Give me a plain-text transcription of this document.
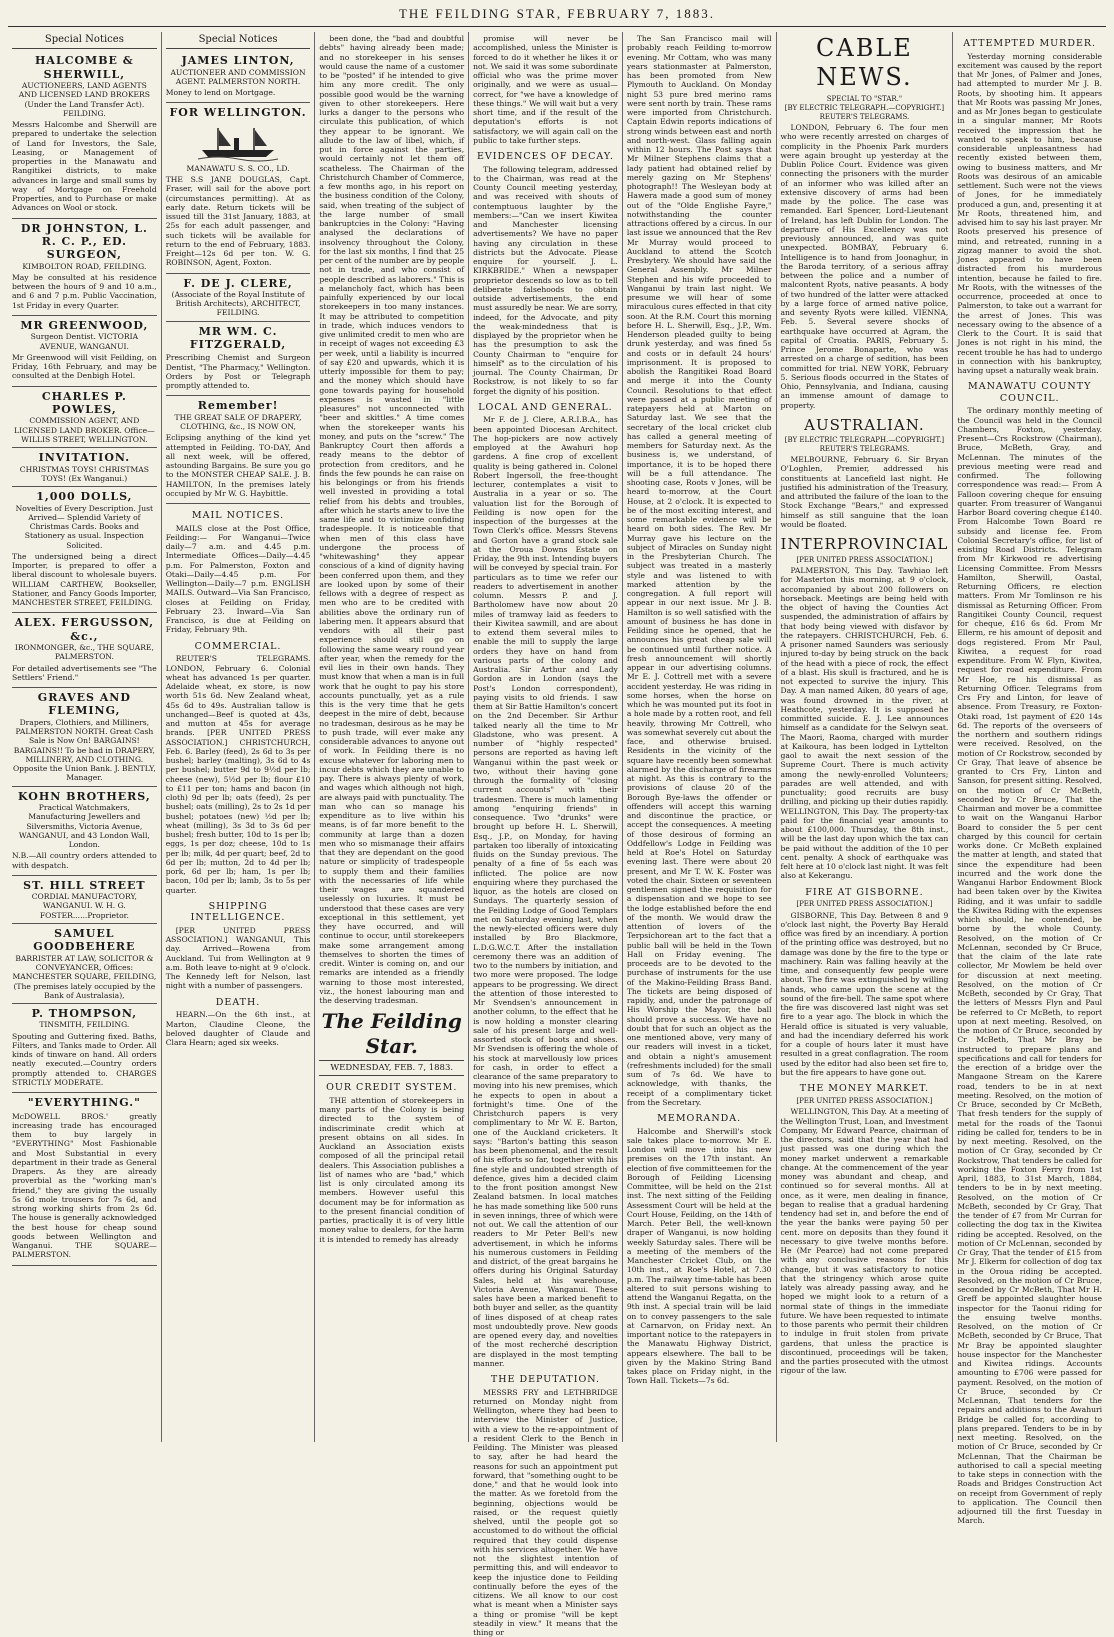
THE FEILDING STAR, FEBRUARY 7, 1883.
Special Notices
HALCOMBE & SHERWILL,
AUCTIONEERS, LAND AGENTS AND LICENSED LAND BROKERS (Under the Land Transfer Act). FEILDING.

Messrs Halcombe and Sherwill are prepared to undertake the selection of Land for Investors, the Sale, Leasing, or Management of properties in the Manawatu and Rangitikei districts, to make advances in large and small sums by way of Mortgage on Freehold Properties, and to Purchase or make Advances on Wool or stock.

DR JOHNSTON, L. R. C. P., ED. SURGEON,
KIMBOLTON ROAD, FEILDING.

May be consulted at his residence between the hours of 9 and 10 a.m., and 6 and 7 p.m. Public Vaccination, 1st Friday in every Quarter.

MR GREENWOOD,
Surgeon Dentist. VICTORIA AVENUE, WANGANUI.

Mr Greenwood will visit Feilding, on Friday, 16th February, and may be consulted at the Denbigh Hotel.

CHARLES P. POWLES,
COMMISSION AGENT, AND LICENSED LAND BROKER. Office—WILLIS STREET, WELLINGTON.
INVITATION.
CHRISTMAS TOYS! CHRISTMAS TOYS! (Ex Wanganui.)
1,000 DOLLS,
Novelties of Every Description. Just Arrived— Splendid Variety of Christmas Cards. Books and Stationery as usual. Inspection Solicited.

The undersigned being a direct Importer, is prepared to offer a liberal discount to wholesale buyers. WILLIAM CARTHEW, Bookseller, Stationer, and Fancy Goods Importer, MANCHESTER STREET, FEILDING.

ALEX. FERGUSSON, &c.,
IRONMONGER, &c., THE SQUARE, PALMERSTON.

For detailed advertisements see "The Settlers' Friend."

GRAVES AND FLEMING,
Drapers, Clothiers, and Milliners, PALMERSTON NORTH. Great Cash Sale is Now On! BARGAINS! BARGAINS!! To be had in DRAPERY, MILLINERY, AND CLOTHING. Opposite the Union Bank. J. BENTLY, Manager.
KOHN BROTHERS,
Practical Watchmakers, Manufacturing Jewellers and Silversmiths, Victoria Avenue, WANGANUI, and 43 London Wall, London.

N.B.—All country orders attended to with despatch.

ST. HILL STREET
CORDIAL MANUFACTORY, WANGANUI. W. H. G. FOSTER......Proprietor.
SAMUEL GOODBEHERE
BARRISTER AT LAW, SOLICITOR & CONVEYANCER, Offices: MANCHESTER SQUARE, FEILDING, (The premises lately occupied by the Bank of Australasia),
P. THOMPSON,
TINSMITH, FEILDING.

Spouting and Guttering fixed. Baths, Filters, and Tanks made to Order. All kinds of tinware on hand. All orders neatly executed.—Country orders promptly attended to. CHARGES STRICTLY MODERATE.

"EVERYTHING."

McDOWELL BROS.' greatly increasing trade has encouraged them to buy largely in "EVERYTHING" Most Fashionable and Most Substantial in every department in their trade as General Drapers. As they are already proverbial as the "working man's friend," they are giving the usually 5s 6d mole trousers for 7s 6d, and strong working shirts from 2s 6d. The house is generally acknowledged the best house for cheap sound goods between Wellington and Wanganui. THE SQUARE—PALMERSTON.

Special Notices
JAMES LINTON,
AUCTIONEER AND COMMISSION AGENT. PALMERSTON NORTH.

Money to lend on Mortgage.

FOR WELLINGTON.
MANAWATU S. S. CO., LD.

THE S.S JANE DOUGLAS, Capt. Fraser, will sail for the above port (circumstances permitting). At as early date. Return tickets will be issued till the 31st January, 1883, at 25s for each adult passenger, and such tickets will be available for return to the end of February, 1883. Freight—12s 6d per ton. W. G. ROBINSON, Agent, Foxton.

F. DE J. CLERE,
(Associate of the Royal Institute of British Architects), ARCHITECT, FEILDING.
MR WM. C. FITZGERALD,

Prescribing Chemist and Surgeon Dentist, "The Pharmacy," Wellington. Orders by Post or Telegraph promptly attended to.

Remember!
THE GREAT SALE OF DRAPERY, CLOTHING, &c., IS NOW ON,

Eclipsing anything of the kind yet attempted in Feilding. TO-DAY, And all next week, will be offered, astounding Bargains. Be sure you go to the MONSTER CHEAP SALE. J. B. HAMILTON, In the premises lately occupied by Mr W. G. Haybittle.

MAIL NOTICES.

MAILS close at the Post Office, Feilding:— For Wanganui—Twice daily—7 a.m. and 4.45 p.m. Intermediate Offices—Daily—4.45 p.m. For Palmerston, Foxton and Otaki—Daily—4.45 p.m. For Wellington—Daily—7 p.m. ENGLISH MAILS. Outward—Via San Francisco, closes at Feilding on Friday, February 23. Inward—Via San Francisco, is due at Feilding on Friday, February 9th.

COMMERCIAL.

REUTER'S TELEGRAMS. LONDON, February 6. Colonial wheat has advanced 1s per quarter. Adelaide wheat, ex store, is now worth 51s 6d. New Zealand wheat, 45s 6d to 49s. Australian tallow is unchanged—Beef is quoted at 43s, and mutton at 45s for average brands. [PER UNITED PRESS ASSOCIATION.] CHRISTCHURCH, Feb. 6. Barley (feed), 2s 6d to 3s per bushel; barley (malting), 3s 6d to 4s per bushel; butter 9d to 9½d per lb; cheese (new), 5½d per lb; flour £10 to £11 per ton; hams and bacon (in cloth) 9d per lb; oats (feed), 2s per bushel; oats (milling), 2s to 2s 1d per bushel; potatoes (new) ½d per lb; wheat (milling), 3s 3d to 3s 6d per bushel; fresh butter, 10d to 1s per lb; eggs, 1s per doz; cheese, 10d to 1s per lb; milk, 4d per quart; beef, 2d to 6d per lb; mutton, 2d to 4d per lb; pork, 6d per lb; ham, 1s per lb; bacon, 10d per lb; lamb, 3s to 5s per quarter.

SHIPPING INTELLIGENCE.

[PER UNITED PRESS ASSOCIATION.] WANGANUI, This day. Arrived—Rowena from Auckland. Tui from Wellington at 9 a.m. Both leave to-night at 9 o'clock. The Kennedy left for Nelson, last night with a number of passengers.

DEATH.

HEARN.—On the 6th inst., at Marton, Claudine Cleone, the beloved daughter of Claude and Clara Hearn; aged six weeks.

been done, the "bad and doubtful debts" having already been made; and no storekeeper in his senses would cause the name of a customer to be "posted" if he intended to give him any more credit. The only possible good would be the warning given to other storekeepers. Here lurks a danger to the persons who circulate this publication, of which they appear to be ignorant. We allude to the law of libel, which, if put in force against the parties, would certainly not let them off scatheless. The Chairman of the Christchurch Chamber of Commerce, a few months ago, in his report on the business condition of the Colony, said, when treating of the subject of the large number of small bankruptcies in the Colony: "Having analysed the declarations of insolvency throughout the Colony, for the last six months, I find that 25 per cent of the number are by people not in trade, and who consist of people described as laborers." This is a melancholy fact, which has been painfully experienced by our local storekeepers in too many instances. It may be attributed to competition in trade, which induces vendors to give unlimited credit to men who are in receipt of wages not exceeding £3 per week, until a liability is incurred of say £20 and upwards, which it is utterly impossible for them to pay; and the money which should have gone towards paying for household expenses is wasted in "little pleasures" not unconnected with "beer and skittles." A time comes when the storekeeper wants his money, and puts on the "screw." The Bankruptcy Court then affords a ready means to the debtor of protection from creditors, and he finds the few pounds he can raise on his belongings or from his friends well invested in providing a total relief from his debts and troubles, after which he starts anew to live the same life and to victimize confiding tradespeople. It is noticeable that when men of this class have undergone the process of "whitewashing" they appear conscious of a kind of dignity having been conferred upon them, and they are looked upon by some of their fellows with a degree of respect as men who are to be credited with abilities above the ordinary run of labering men. It appears absurd that vendors with all their past experience should still go on following the same weary round year after year, when the remedy for the evil lies in their own hands. They must know that when a man is in full work that he ought to pay his store accounts punctually, yet as a rule this is the very time that he gets deepest in the mire of debt, because no tradesman, desirous as he may be to push trade, will ever make any considerable advances to anyone out of work. In Feilding there is no excuse whatever for laboring men to incur debts which they are unable to pay. There is always plenty of work, and wages which although not high, are always paid with punctuality. The man who can so manage his expenditure as to live within his means, is of far more benefit to the community at large than a dozen men who so mismanage their affairs that they are dependant on the good nature or simplicity of tradespeople to supply them and their families with the necessaries of life while their wages are squandered uselessly on luxuries. It must be understood that these cases are very exceptional in this settlement, yet they have occurred, and will continue to occur, until storekeepers make some arrangement among themselves to shorten the times of credit. Winter is coming on, and our remarks are intended as a friendly warning to those most interested, viz., the honest labouring man and the deserving tradesman.

The Feilding Star.
WEDNESDAY, FEB. 7, 1883.
OUR CREDIT SYSTEM.

THE attention of storekeepers in many parts of the Colony is being directed to the system of indiscriminate credit which at present obtains on all sides. In Auckland an Association exists composed of all the principal retail dealers. This Association publishes a list of names who are "bad," which list is only circulated among its members. However useful this document may be for information as to the present financial condition of parties, practically it is of very little money value to dealers, for the harm it is intended to remedy has already

promise will never be accomplished, unless the Minister is forced to do it whether he likes it or not. We said it was some subordinate official who was the prime mover originally, and we were as usual—correct, for "we have a knowledge of these things." We will wait but a very short time, and if the result of the deputation's efforts is not satisfactory, we will again call on the public to take further steps.

EVIDENCES OF DECAY.

The following telegram, addressed to the Chairman, was read at the County Council meeting yesterday, and was received with shouts of contemptuous laughter by the members:—"Can we insert Kiwitea and Manchester licensing advertisements? We have no paper having any circulation in these districts but the Advocate. Please enquire for yourself. J. L. KIRKBRIDE." When a newspaper proprietor descends so low as to tell deliberate falsehoods to obtain outside advertisements, the end must assuredly be near. We are sorry, indeed, for the Advocate, and pity the weak-mindedness that is displayed by the proprietor when he has the presumption to ask the County Chairman to "enquire for himself" as to the circulation of his journal. The County Chairman, Dr Rockstrow, is not likely to so far forget the dignity of his position.

LOCAL AND GENERAL.

Mr F. de J. Clere, A.R.I.B.A., has been appointed Diocesan Architect. The hop-pickers are now actively employed at the Awahuri hop gardens. A fine crop of excellent quality is being gathered in. Colonel Robert Ingersoll, the free-thought lecturer, contemplates a visit to Australia in a year or so. The valuation list for the Borough of Feilding is now open for the inspection of the burgesses at the Town Clerk's office. Messrs Stevens and Gorton have a grand stock sale at the Oroua Downs Estate on Friday, the 9th inst. Intending buyers will be conveyed by special train. For particulars as to time we refer our readers to advertisement in another column. Messrs P. and J. Bartholomew have now about 20 miles of tramway laid as feeders to their Kiwitea sawmill, and are about to extend them several miles to enable the mill to supply the large orders they have on hand from various parts of the colony and Australia. Sir Arthur and Lady Gordon are in London (says the Post's London correspondent), paying visits to old friends. I saw them at Sir Battie Hamilton's concert on the 2nd December. Sir Arthur talked nearly all the time to Mr Gladstone, who was present. A number of "highly respected" persons are reported as having left Wanganui within the past week or two, without their having gone through the formality of "closing current accounts" with their tradesmen. There is much lamenting among "enquiring friends" in consequence. Two "drunks" were brought up before H. L. Sherwill, Esq., J.P., on Monday, for having partaken too liberally of intoxicating fluids on the Sunday previous. The penalty of a fine of 5s each was inflicted. The police are now enquiring where they purchased the liquor, as the hotels are closed on Sundays. The quarterly session of the Feilding Lodge of Good Templars met on Saturday evening last, when the newly-elected officers were duly installed by Bro Blackmore, L.D.G.W.C.T. After the installation ceremony there was an addition of two to the numbers by initiation, and two more were proposed. The lodge appears to be progressing. We direct the attention of those interested to Mr Svendsen's announcement in another column, to the effect that he is now holding a monster clearing sale of his present large and well-assorted stock of boots and shoes. Mr Svendsen is offering the whole of his stock at marvellously low prices for cash, in order to effect a clearance of the same preparatory to moving into his new premises, which he expects to open in about a fortnight's time. One of the Christchurch papers is very complimentary to Mr W. E. Barton, one of the Auckland cricketers. It says: "Barton's batting this season has been phenomenal, and the result of his efforts so far, together with his fine style and undoubted strength of defence, gives him a decided claim to the front position amongst New Zealand batsmen. In local matches he has made something like 500 runs in seven innings, three of which were not out. We call the attention of our readers to Mr Peter Bell's new advertisement, in which he informs his numerous customers in Feilding and district, of the great bargains he offers during his Original Saturday Sales, held at his warehouse, Victoria Avenue, Wanganui. These sales have been a marked benefit to both buyer and seller, as the quantity of lines disposed of at cheap rates most undoubtedly prove. New goods are opened every day, and novelties of the most recherché description are displayed in the most tempting manner.

THE DEPUTATION.

MESSRS FRY and LETHBRIDGE returned on Monday night from Wellington, where they had been to interview the Minister of Justice, with a view to the re-appointment of a resident Clerk to the Bench in Feilding. The Minister was pleased to say, after he had heard the reasons for such an appointment put forward, that "something ought to be done," and that he would look into the matter. As we foretold from the beginning, objections would be raised, or the request quietly shelved, until the people got so accustomed to do without the official required that they could dispense with his services altogether. We have not the slightest intention of permitting this, and will endeavor to keep the injustice done to Feilding continually before the eyes of the citizens. We all know to our cost what is meant when a Minister says a thing or promise "will be kept steadily in view." It means that the thing or

The San Francisco mail will probably reach Feilding to-morrow evening. Mr Cottam, who was many years stationmaster at Palmerston, has been promoted from New Plymouth to Auckland. On Monday night 53 pure bred merino rams were sent north by train. These rams were imported from Christchurch. Captain Edwin reports indications of strong winds between east and north and north-west. Glass falling again within 12 hours. The Post says that Mr Milner Stephens claims that a lady patient had obtained relief by merely gazing on Mr Stephens' photograph!! The Wesleyan body at Hawera made a good sum of money out of the "Olde Englishe Fayre," notwithstanding the counter attractions offered by a circus. In our last issue we announced that the Rev Mr Murray would proceed to Auckland to attend the Scotch Presbytery. We should have said the General Assembly. Mr Milner Stephen and his wife proceeded to Wanganui by train last night. We presume we will hear of some miraculous cures effected in that city soon. At the R.M. Court this morning before H. L. Sherwill, Esq., J.P., Wm. Henderson pleaded guilty to being drunk yesterday, and was fined 5s and costs or in default 24 hours' imprisonment. It is proposed to abolish the Rangitikei Road Board and merge it into the County Council. Resolutions to that effect were passed at a public meeting of ratepayers held at Marton on Saturday last. We see that the secretary of the local cricket club has called a general meeting of members for Saturday next. As the business is, we understand, of importance, it is to be hoped there will be a full attendance. The shooting case, Roots v Jones, will be heard to-morrow, at the Court House, at 2 o'clock. It is expected to be of the most exciting interest, and some remarkable evidence will be heard on both sides. The Rev. Mr Murray gave his lecture on the subject of Miracles on Sunday night in the Presbyterian Church. The subject was treated in a masterly style and was listened to with marked attention by the congregation. A full report will appear in our next issue. Mr J. B. Hamilton is so well satisfied with the amount of business he has done in Feilding since he opened, that he announces his great cheap sale will be continued until further notice. A fresh announcement will shortly appear in our advertising columns. Mr E. J. Cottrell met with a severe accident yesterday. He was riding in some horses, when the horse on which he was mounted put its foot in a hole made by a rotten root, and fell heavily, throwing Mr Cottrell, who was somewhat severely cut about the face, and otherwise bruised. Residents in the vicinity of the square have recently been somewhat alarmed by the discharge of firearms at night. As this is contrary to the provisions of clause 20 of the Borough Bye-laws the offender or offenders will accept this warning and discontinue the practice, or accept the consequences. A meeting of those desirous of forming an Oddfellow's Lodge in Feilding was held at Roe's Hotel on Saturday evening last. There were about 20 present, and Mr T. W. K. Foster was voted the chair. Sixteen or seventeen gentlemen signed the requisition for a dispensation and we hope to see the lodge established before the end of the month. We would draw the attention of lovers of the Terpsichorean art to the fact that a public ball will be held in the Town Hall on Friday evening. The proceeds are to be devoted to the purchase of instruments for the use of the Makino-Feilding Brass Band. The tickets are being disposed of rapidly, and, under the patronage of His Worship the Mayor, the ball should prove a success. We have no doubt that for such an object as the one mentioned above, very many of our readers will invest in a ticket, and obtain a night's amusement (refreshments included) for the small sum of 7s 6d. We have to acknowledge, with thanks, the receipt of a complimentary ticket from the Secretary.

MEMORANDA.

Halcombe and Sherwill's stock sale takes place to-morrow. Mr E. London will move into his new premises on the 17th instant. An election of five committeemen for the Borough of Feilding Licensing Committee, will be held on the 21st inst. The next sitting of the Feilding Assessment Court will be held at the Court House, Feilding, on the 14th of March. Peter Bell, the well-known draper of Wanganui, is now holding weekly Saturday sales. There will be a meeting of the members of the Manchester Cricket Club, on the 10th inst., at Roe's Hotel, at 7.30 p.m. The railway time-table has been altered to suit persons wishing to attend the Wanganui Regatta, on the 9th inst. A special train will be laid on to convey passengers to the sale at Carnarvon, on Friday next. An important notice to the ratepayers in the Manawatu Highway District, appears elsewhere. The ball to be given by the Makino String Band takes place on Friday night, in the Town Hall. Tickets—7s 6d.

CABLE NEWS.
SPECIAL TO "STAR."
[BY ELECTRIC TELEGRAPH.—COPYRIGHT.] REUTER'S TELEGRAMS.

LONDON, February 6. The four men who were recently arrested on charges of complicity in the Phoenix Park murders were again brought up yesterday at the Dublin Police Court. Evidence was given connecting the prisoners with the murder of an informer who was killed after an extensive discovery of arms had been made by the police. The case was remanded. Earl Spencer, Lord-Lieutenant of Ireland, has left Dublin for London. The departure of His Excellency was not previously announced, and was quite unexpected. BOMBAY, February 6. Intelligence is to hand from Joonaghur, in the Baroda territory, of a serious affray between the police and a number of malcontent Ryots, native peasants. A body of two hundred of the latter were attacked by a large force of armed native police, and seventy Ryots were killed. VIENNA, Feb. 5. Several severe shocks of earthquake have occurred at Agram, the capital of Croatia. PARIS, February 5. Prince Jerome Bonaparte, who was arrested on a charge of sedition, has been committed for trial. NEW YORK, February 5. Serious floods occurred in the States of Ohio, Pennsylvania, and Indiana, causing an immense amount of damage to property.

AUSTRALIAN.
[BY ELECTRIC TELEGRAPH.—COPYRIGHT.] REUTER'S TELEGRAMS.

MELBOURNE, February 6. Sir Bryan O'Loghlen, Premier, addressed his constituents at Lancefield last night. He justified his administration of the Treasury, and attributed the failure of the loan to the Stock Exchange "Bears," and expressed himself as still sanguine that the loan would be floated.

INTERPROVINCIAL
[PER UNITED PRESS ASSOCIATION.]

PALMERSTON, This Day. Tawhiao left for Masterton this morning, at 9 o'clock, accompanied by about 200 followers on horseback. Meetings are being held with the object of having the Counties Act suspended, the administration of affairs by that body being viewed with disfavor by the ratepayers. CHRISTCHURCH, Feb. 6. A prisoner named Saunders was seriously injured to-day by being struck on the back of the head with a piece of rock, the effect of a blast. His skull is fractured, and he is not expected to survive the injury. This Day. A man named Aiken, 80 years of age, was found drowned in the river, at Heathcote, yesterday. It is supposed he committed suicide. E. J. Lee announces himself as a candidate for the Selwyn seat. The Maori, Raoma, charged with murder at Kaikoura, has been lodged in Lyttelton gaol to await the next session of the Supreme Court. There is much activity among the newly-enrolled Volunteers; parades are well attended, and with punctuality; good recruits are busy drilling, and picking up their duties rapidly. WELLINGTON, This Day. The property-tax paid for the financial year amounts to about £100,000. Thursday, the 8th inst., will be the last day upon which the tax can be paid without the addition of the 10 per cent. penalty. A shock of earthquake was felt here at 10 o'clock last night. It was felt also at Kekerangu.

FIRE AT GISBORNE.
[PER UNITED PRESS ASSOCIATION.]

GISBORNE, This Day. Between 8 and 9 o'clock last night, the Poverty Bay Herald office was fired by an incendiary. A portion of the printing office was destroyed, but no damage was done by the fire to the type or machinery. Rain was falling heavily at the time, and consequently few people were about. The fire was extinguished by willing hands, who came upon the scene at the sound of the fire-bell. The same spot where the fire was discovered last night was set fire to a year ago. The block in which the Herald office is situated is very valuable, and had the incendiary deferred his work for a couple of hours later it must have resulted in a great conflagration. The room used by the editor had also been set fire to, but the fire appears to have gone out.

THE MONEY MARKET.
[PER UNITED PRESS ASSOCIATION.]

WELLINGTON, This Day. At a meeting of the Wellington Trust, Loan, and Investment Company, Mr Edward Pearce, chairman of the directors, said that the year that had just passed was one during which the money market underwent a remarkable change. At the commencement of the year money was abundant and cheap, and continued so for several months. All at once, as it were, men dealing in finance, began to realise that a gradual hardening tendency had set in, and before the end of the year the banks were paying 50 per cent. more on deposits than they found it necessary to give twelve months before. He (Mr Pearce) had not come prepared with any conclusive reasons for this change, but it was satisfactory to notice that the stringency which arose quite lately was already passing away, and he hoped we might look to a return of a normal state of things in the immediate future. We have been requested to intimate to those parents who permit their children to indulge in fruit stolen from private gardens, that unless the practice is discontinued, proceedings will be taken, and the parties prosecuted with the utmost rigour of the law.

ATTEMPTED MURDER.

Yesterday morning considerable excitement was caused by the report that Mr Jones, of Palmer and Jones, had attempted to murder Mr J. B. Roots, by shooting him. It appears that Mr Roots was passing Mr Jones, and as Mr Jones began to gesticulate in a singular manner, Mr Roots received the impression that he wanted to speak to him, because considerable unpleasantness had recently existed between them, owing to business matters, and Mr Roots was desirous of an amicable settlement. Such were not the views of Jones, for he immediately produced a gun, and, presenting it at Mr Roots, threatened him, and advised him to say his last prayer. Mr Roots preserved his presence of mind, and retreated, running in a zigzag manner to avoid the shot. Jones appeared to have been distracted from his murderous intention, because he failed to fire. Mr Roots, with the witnesses of the occurrence, proceeded at once to Palmerston, to take out a warrant for the arrest of Jones. This was necessary owing to the absence of a Clerk to the Court. It is said that Jones is not right in his mind, the recent trouble he has had to undergo in connection with his bankruptcy, having upset a naturally weak brain.

MANAWATU COUNTY COUNCIL.

The ordinary monthly meeting of the Council was held in the Council Chambers, Foxton, yesterday. Present—Crs Rockstrow (Chairman), Bruce, McBeth, Gray, and McLennan. The minutes of the previous meeting were read and confirmed. The following correspondence was read:— From A Falloon covering cheque for ensuing quarter. From treasurer of Wanganui Harbor Board covering cheque £140. From Halcombe Town Board re subsidy and license fee. From Colonial Secretary's office, for list of existing Road Districts. Telegram from Mr Kirkwood re advertising Licensing Committee. From Messrs Hamilton, Sherwill, Oastal, Returning Officers, re election matters. From Mr Tomlinson re his dismissal as Returning Officer. From Rangitikei County Council, request for cheque, £16 6s 6d. From Mr Ellerm, re his amount of deposit and dogs registered. From Mr Paul, Kiwitea, a request for road expenditure. From W. Flyn, Kiwitea, request for road expenditure. From Mr Hoe, re his dismissal as Returning Officer. Telegrams from Crs Fry and Linton, for leave of absence. From Treasury, re Foxton-Otaki road, 1st payment of £20 14s 6d. The reports of the overseers of the northern and southern ridings were received. Resolved, on the motion of Cr Rockstrow, seconded by Cr Gray, That leave of absence be granted to Crs Fry, Linton and Sanson, for present sitting. Resolved, on the motion of Cr McBeth, seconded by Cr Bruce, That the Chairman and mover be a committee to wait on the Wanganui Harbor Board to consider the 5 per cent charged by this council for certain works done. Cr McBeth explained the matter at length, and stated that since the expenditure had been incurred and the work done the Wanganui Harbor Endowment Block had been taken over by the Kiwitea Riding, and it was unfair to saddle the Kiwitea Riding with the expenses which should, he contended, be borne by the whole County. Resolved, on the motion of Cr McLennan, seconded by Cr Bruce, that the claim of the late rate collector, Mr Mowlem be held over for discussion at next meeting. Resolved, on the motion of Cr McBeth, seconded by Cr Gray, That the letters of Messrs Flyn and Paul be referred to Cr McBeth, to report upon at next meeting. Resolved, on the motion of Cr Bruce, seconded by Cr McBeth, That Mr Bray be instructed to prepare plans and specifications and call for tenders for the erection of a bridge over the Mangaone Stream on the Karere road, tenders to be in at next meeting. Resolved, on the motion of Cr Bruce, seconded by Cr McBeth, That fresh tenders for the supply of metal for the roads of the Taonui riding be called for, tenders to be in by next meeting. Resolved, on the motion of Cr Gray, seconded by Cr Rockstrow, That tenders be called for working the Foxton Ferry from 1st April, 1883, to 31st March, 1884, tenders to be in by next meeting. Resolved, on the motion of Cr McBeth, seconded by Cr Gray, That the tender of £7 from Mr Curran for collecting the dog tax in the Kiwitea riding be accepted. Resolved, on the motion of Cr McLennan, seconded by Cr Gray, That the tender of £15 from Mr J. Elkerm for collection of dog tax in the Oroua riding be accepted. Resolved, on the motion of Cr Bruce, seconded by Cr McBeth, That Mr H. Greff be appointed slaughter house inspector for the Taonui riding for the ensuing twelve months. Resolved, on the motion of Cr McBeth, seconded by Cr Bruce, That Mr Bray be appointed slaughter house inspector for the Manchester and Kiwitea ridings. Accounts amounting to £706 were passed for payment. Resolved, on the motion of Cr Bruce, seconded by Cr McLennan, That tenders for the repairs and additions to the Awahuri Bridge be called for, according to plans prepared. Tenders to be in by next meeting. Resolved, on the motion of Cr Bruce, seconded by Cr McLennan, That the Chairman be authorised to call a special meeting to take steps in connection with the Roads and Bridges Construction Act on receipt from Government of reply to application. The Council then adjourned till the first Tuesday in March.
